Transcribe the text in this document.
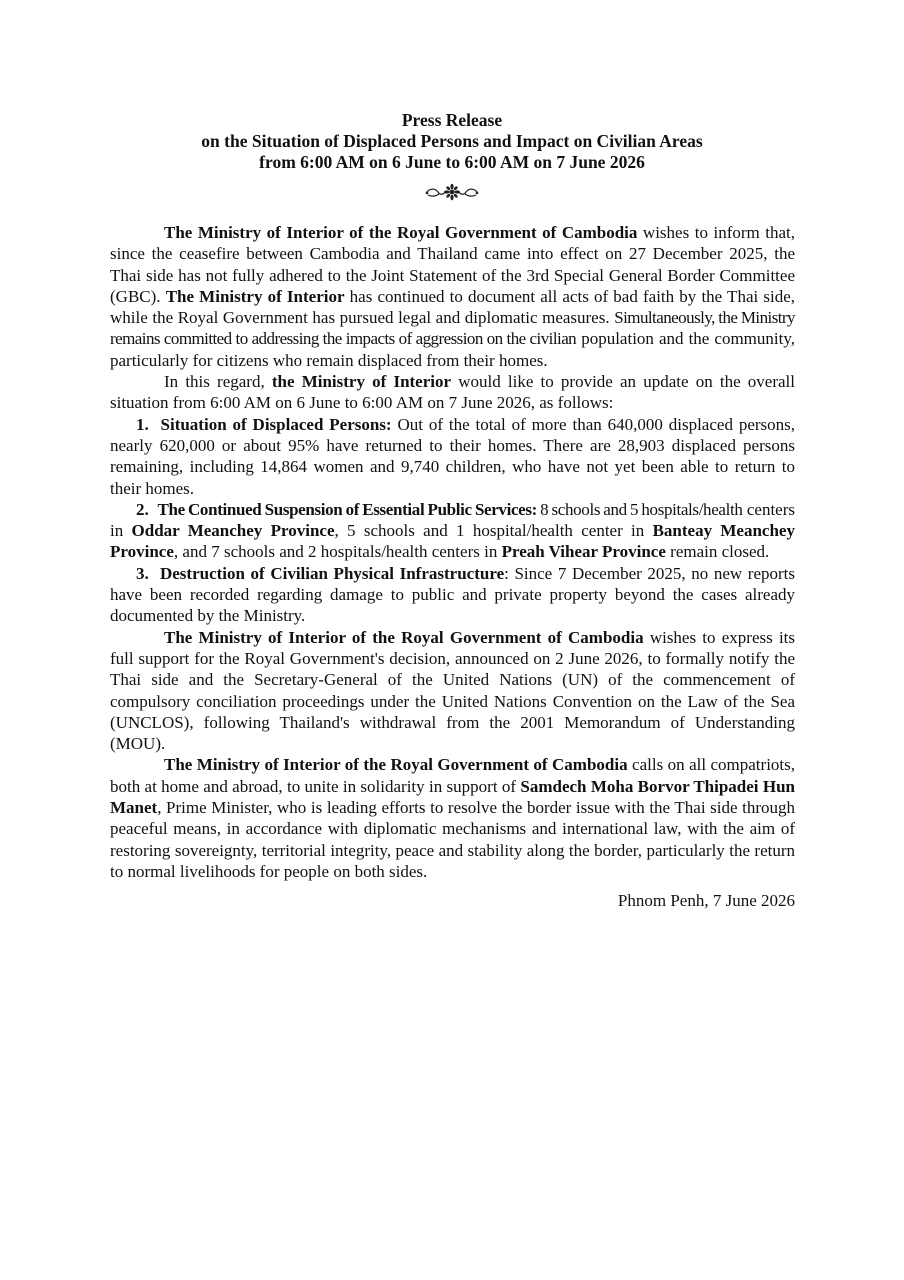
Press Release
on the Situation of Displaced Persons and Impact on Civilian Areas
from 6:00 AM on 6 June to 6:00 AM on 7 June 2026

The Ministry of Interior of the Royal Government of Cambodia wishes to inform that, since the ceasefire between Cambodia and Thailand came into effect on 27 December 2025, the Thai side has not fully adhered to the Joint Statement of the 3rd Special General Border Committee (GBC). The Ministry of Interior has continued to document all acts of bad faith by the Thai side, while the Royal Government has pursued legal and diplomatic measures. Simultaneously, the Ministry remains committed to addressing the impacts of aggression on the civilian population and the community, particularly for citizens who remain displaced from their homes.

In this regard, the Ministry of Interior would like to provide an update on the overall situation from 6:00 AM on 6 June to 6:00 AM on 7 June 2026, as follows:

1. Situation of Displaced Persons: Out of the total of more than 640,000 displaced persons, nearly 620,000 or about 95% have returned to their homes. There are 28,903 displaced persons remaining, including 14,864 women and 9,740 children, who have not yet been able to return to their homes.

2. The Continued Suspension of Essential Public Services: 8 schools and 5 hospitals/health centers in Oddar Meanchey Province, 5 schools and 1 hospital/health center in Banteay Meanchey Province, and 7 schools and 2 hospitals/health centers in Preah Vihear Province remain closed.

3. Destruction of Civilian Physical Infrastructure: Since 7 December 2025, no new reports have been recorded regarding damage to public and private property beyond the cases already documented by the Ministry.

The Ministry of Interior of the Royal Government of Cambodia wishes to express its full support for the Royal Government's decision, announced on 2 June 2026, to formally notify the Thai side and the Secretary-General of the United Nations (UN) of the commencement of compulsory conciliation proceedings under the United Nations Convention on the Law of the Sea (UNCLOS), following Thailand's withdrawal from the 2001 Memorandum of Understanding (MOU).

The Ministry of Interior of the Royal Government of Cambodia calls on all compatriots, both at home and abroad, to unite in solidarity in support of Samdech Moha Borvor Thipadei Hun Manet, Prime Minister, who is leading efforts to resolve the border issue with the Thai side through peaceful means, in accordance with diplomatic mechanisms and international law, with the aim of restoring sovereignty, territorial integrity, peace and stability along the border, particularly the return to normal livelihoods for people on both sides.

Phnom Penh, 7 June 2026
